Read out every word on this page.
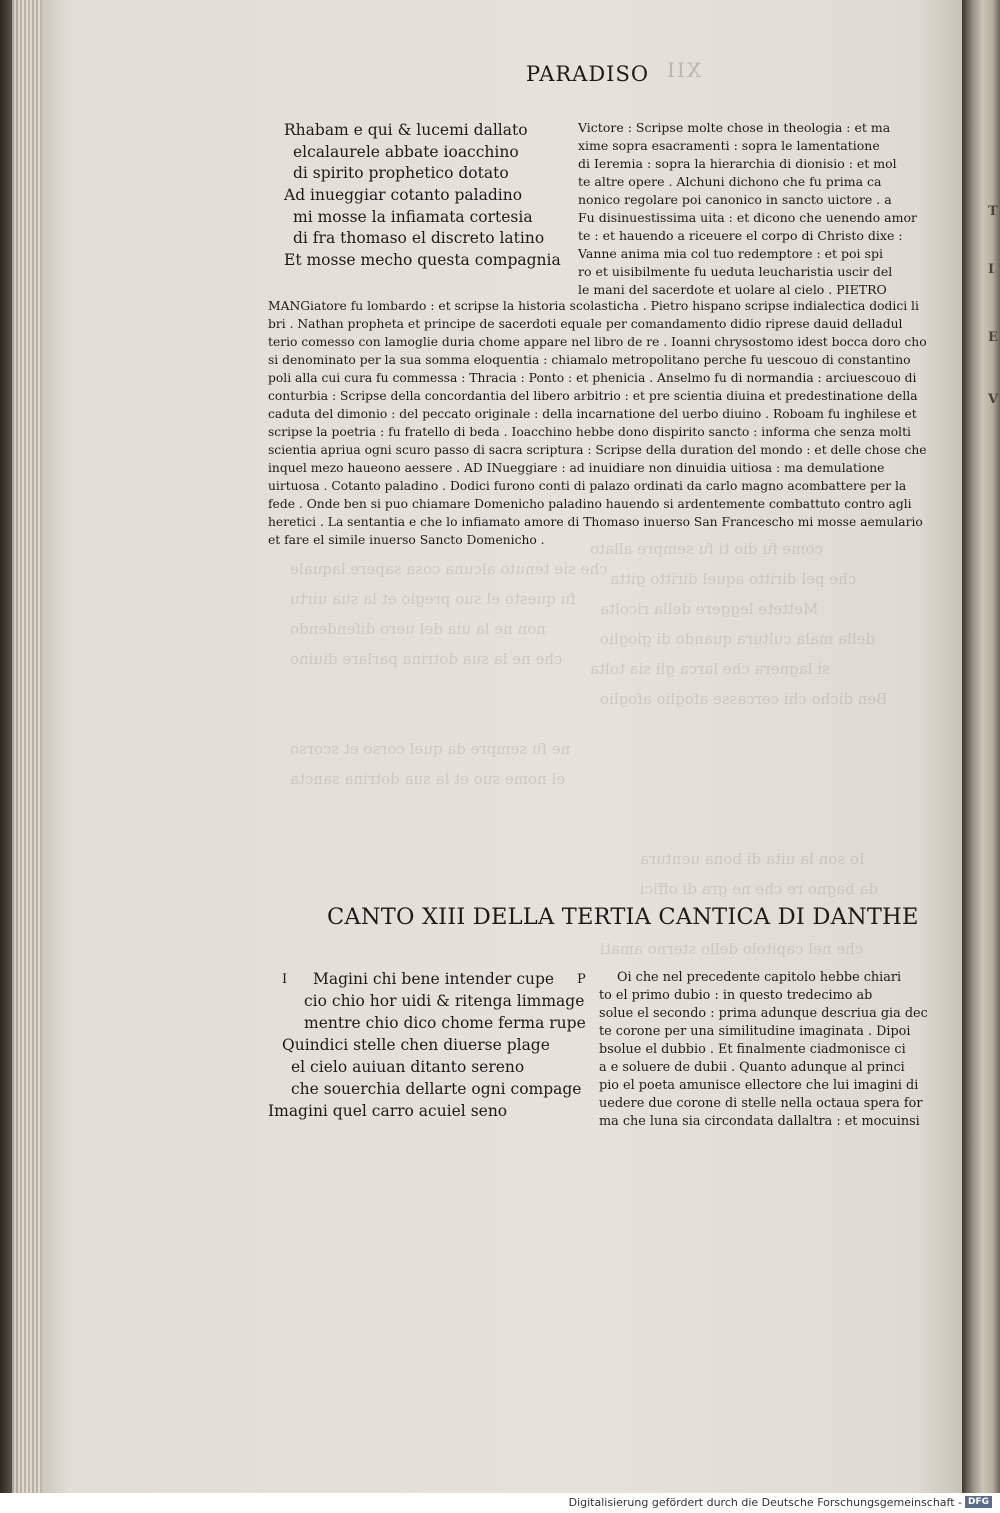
T
I
E
V
come fu dio ti fu sempre allato
che pel diritto aquel diritto gitta
Mettete leggere della ricolta
della mala cultura quando di gioglio
si lagnera che larca gli sia tolta
Ben dicho chi cercasse afoglio afoglio
che sie tenuto alcuna cosa sapere laquale
fu questo el suo pregio et la sua uirtu
non ne la uia del uero difendendo
che ne la sua dotrina parlare diuino
ne fu sempre da quel corso et scorso
el nome suo et la sua dotrina sancta
Io son la uita di bona uentura
da bagno re che ne gra di offici
che nel capitolo dello sterno amati
XII
PARADISO
Rhabam e qui & lucemi dallato
elcalaurele abbate ioacchino
di spirito prophetico dotato
Ad inueggiar cotanto paladino
mi mosse la infiamata cortesia
di fra thomaso el discreto latino
Et mosse mecho questa compagnia
Victore : Scripse molte chose in theologia : et ma
xime sopra esacramenti : sopra le lamentatione
di Ieremia : sopra la hierarchia di dionisio : et mol
te altre opere . Alchuni dichono che fu prima ca
nonico regolare poi canonico in sancto uictore . a
Fu disinuestissima uita : et dicono che uenendo amor
te : et hauendo a riceuere el corpo di Christo dixe :
Vanne anima mia col tuo redemptore : et poi spi
ro et uisibilmente fu ueduta leucharistia uscir del
le mani del sacerdote et uolare al cielo . PIETRO
MANGiatore fu lombardo : et scripse la historia scolasticha . Pietro hispano scripse indialectica dodici li
bri . Nathan propheta et principe de sacerdoti equale per comandamento didio riprese dauid delladul
terio comesso con lamoglie duria chome appare nel libro de re . Ioanni chrysostomo idest bocca doro cho
si denominato per la sua somma eloquentia : chiamalo metropolitano perche fu uescouo di constantino
poli alla cui cura fu commessa : Thracia : Ponto : et phenicia . Anselmo fu di normandia : arciuescouo di
conturbia : Scripse della concordantia del libero arbitrio : et pre scientia diuina et predestinatione della
caduta del dimonio : del peccato originale : della incarnatione del uerbo diuino . Roboam fu inghilese et
scripse la poetria : fu fratello di beda . Ioacchino hebbe dono dispirito sancto : informa che senza molti
scientia apriua ogni scuro passo di sacra scriptura : Scripse della duration del mondo : et delle chose che
inquel mezo haueono aessere . AD INueggiare : ad inuidiare non dinuidia uitiosa : ma demulatione
uirtuosa . Cotanto paladino . Dodici furono conti di palazo ordinati da carlo magno acombattere per la
fede . Onde ben si puo chiamare Domenicho paladino hauendo si ardentemente combattuto contro agli
heretici . La sentantia e che lo infiamato amore di Thomaso inuerso San Francescho mi mosse aemulario
et fare el simile inuerso Sancto Domenicho .
CANTO XIII DELLA TERTIA CANTICA DI DANTHE
I Magini chi bene intender cupe
cio chio hor uidi & ritenga limmage
mentre chio dico chome ferma rupe
Quindici stelle chen diuerse plage
el cielo auiuan ditanto sereno
che souerchia dellarte ogni compage
Imagini quel carro acuiel seno
P Oi che nel precedente capitolo hebbe chiari
to el primo dubio : in questo tredecimo ab
solue el secondo : prima adunque descriua gia dec
te corone per una similitudine imaginata . Dipoi
bsolue el dubbio . Et finalmente ciadmonisce ci
a e soluere de dubii . Quanto adunque al princi
pio el poeta amunisce ellectore che lui imagini di
uedere due corone di stelle nella octaua spera for
ma che luna sia circondata dallaltra : et mocuinsi
Digitalisierung gefördert durch die Deutsche Forschungsgemeinschaft - DFG
